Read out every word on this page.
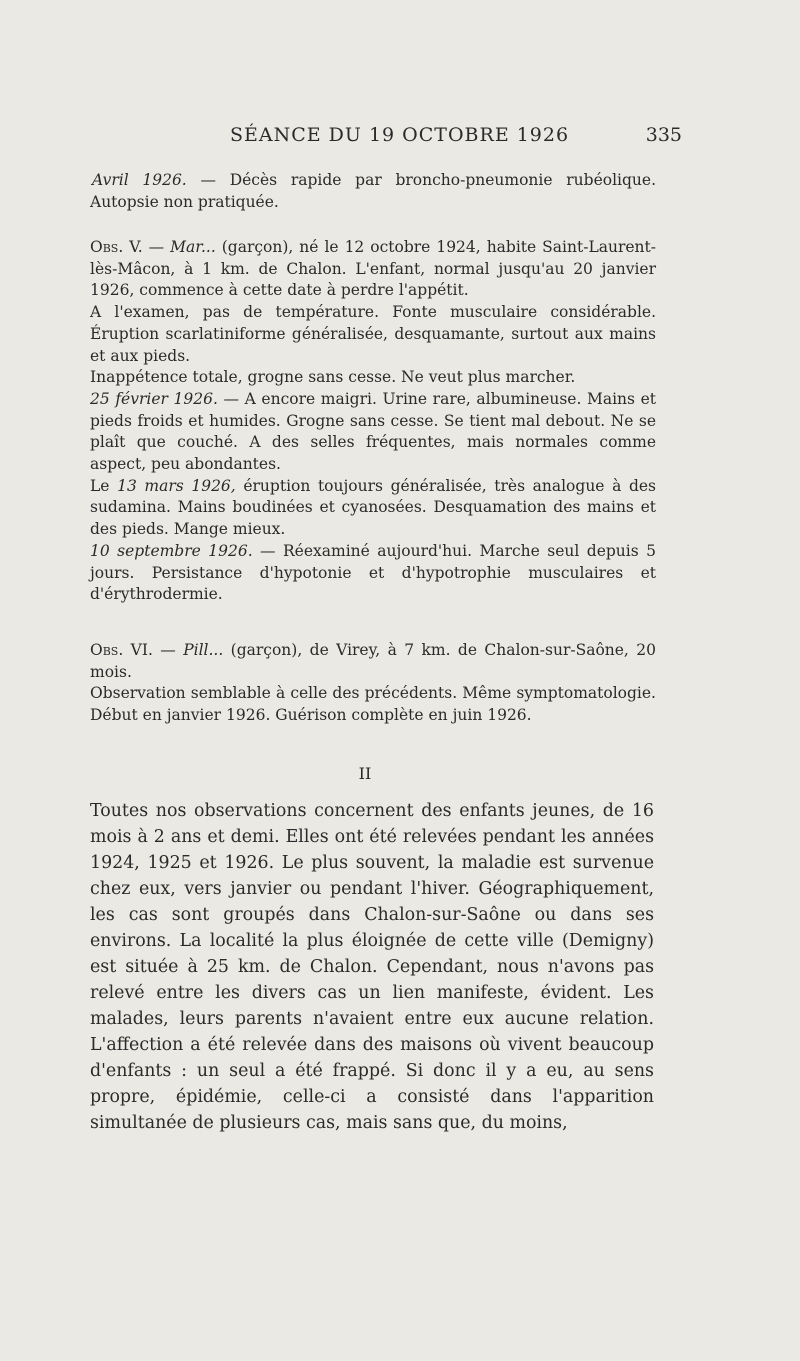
SÉANCE DU 19 OCTOBRE 1926	335

Avril 1926. — Décès rapide par broncho-pneumonie rubéolique. Autopsie non pratiquée.

Obs. V. — Mar... (garçon), né le 12 octobre 1924, habite Saint-Laurent-lès-Mâcon, à 1 km. de Chalon. L'enfant, normal jusqu'au 20 janvier 1926, commence à cette date à perdre l'appétit.

A l'examen, pas de température. Fonte musculaire considérable. Éruption scarlatiniforme généralisée, desquamante, surtout aux mains et aux pieds.

Inappétence totale, grogne sans cesse. Ne veut plus marcher.

25 février 1926. — A encore maigri. Urine rare, albumineuse. Mains et pieds froids et humides. Grogne sans cesse. Se tient mal debout. Ne se plaît que couché. A des selles fréquentes, mais normales comme aspect, peu abondantes.

Le 13 mars 1926, éruption toujours généralisée, très analogue à des sudamina. Mains boudinées et cyanosées. Desquamation des mains et des pieds. Mange mieux.

10 septembre 1926. — Réexaminé aujourd'hui. Marche seul depuis 5 jours. Persistance d'hypotonie et d'hypotrophie musculaires et d'érythrodermie.

Obs. VI. — Pill... (garçon), de Virey, à 7 km. de Chalon-sur-Saône, 20 mois.

Observation semblable à celle des précédents. Même symptomatologie. Début en janvier 1926. Guérison complète en juin 1926.

II

Toutes nos observations concernent des enfants jeunes, de 16 mois à 2 ans et demi. Elles ont été relevées pendant les années 1924, 1925 et 1926. Le plus souvent, la maladie est survenue chez eux, vers janvier ou pendant l'hiver. Géographiquement, les cas sont groupés dans Chalon-sur-Saône ou dans ses environs. La localité la plus éloignée de cette ville (Demigny) est située à 25 km. de Chalon. Cependant, nous n'avons pas relevé entre les divers cas un lien manifeste, évident. Les malades, leurs parents n'avaient entre eux aucune relation. L'affection a été relevée dans des maisons où vivent beaucoup d'enfants : un seul a été frappé. Si donc il y a eu, au sens propre, épidémie, celle-ci a consisté dans l'apparition simultanée de plusieurs cas, mais sans que, du moins,
